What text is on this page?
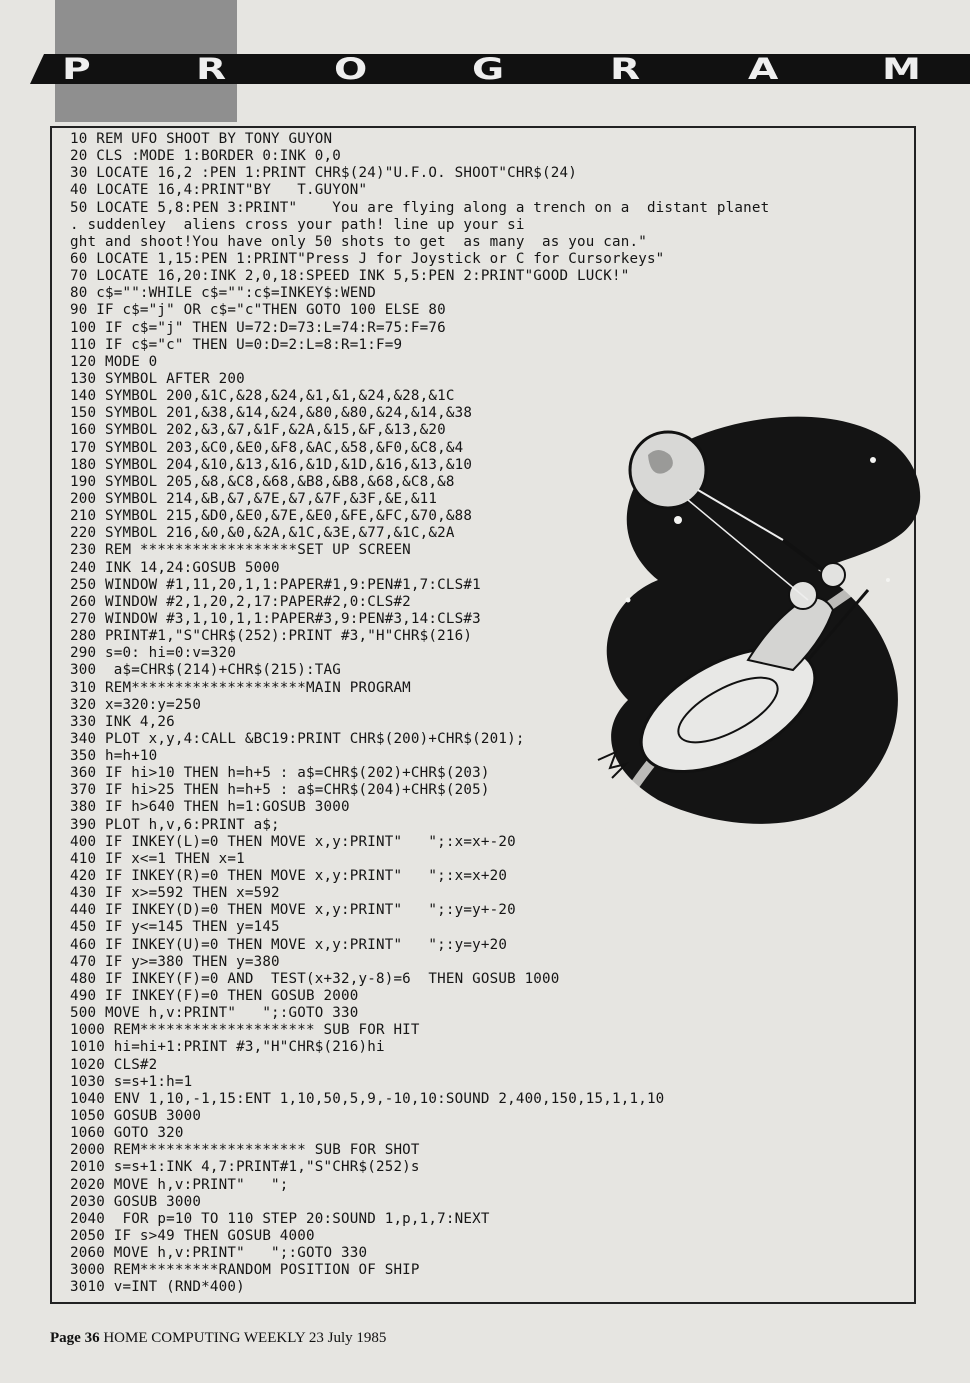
P	R	O	G	R	A	M
10 REM UFO SHOOT BY TONY GUYON
20 CLS :MODE 1:BORDER 0:INK 0,0
30 LOCATE 16,2 :PEN 1:PRINT CHR$(24)"U.F.O. SHOOT"CHR$(24)
40 LOCATE 16,4:PRINT"BY   T.GUYON"
50 LOCATE 5,8:PEN 3:PRINT"    You are flying along a trench on a  distant planet
. suddenley  aliens cross your path! line up your si
ght and shoot!You have only 50 shots to get  as many  as you can."
60 LOCATE 1,15:PEN 1:PRINT"Press J for Joystick or C for Cursorkeys"
70 LOCATE 16,20:INK 2,0,18:SPEED INK 5,5:PEN 2:PRINT"GOOD LUCK!"
80 c$="":WHILE c$="":c$=INKEY$:WEND
90 IF c$="j" OR c$="c"THEN GOTO 100 ELSE 80
100 IF c$="j" THEN U=72:D=73:L=74:R=75:F=76
110 IF c$="c" THEN U=0:D=2:L=8:R=1:F=9
120 MODE 0
130 SYMBOL AFTER 200
140 SYMBOL 200,&1C,&28,&24,&1,&1,&24,&28,&1C
150 SYMBOL 201,&38,&14,&24,&80,&80,&24,&14,&38
160 SYMBOL 202,&3,&7,&1F,&2A,&15,&F,&13,&20
170 SYMBOL 203,&C0,&E0,&F8,&AC,&58,&F0,&C8,&4
180 SYMBOL 204,&10,&13,&16,&1D,&1D,&16,&13,&10
190 SYMBOL 205,&8,&C8,&68,&B8,&B8,&68,&C8,&8
200 SYMBOL 214,&B,&7,&7E,&7,&7F,&3F,&E,&11
210 SYMBOL 215,&D0,&E0,&7E,&E0,&FE,&FC,&70,&88
220 SYMBOL 216,&0,&0,&2A,&1C,&3E,&77,&1C,&2A
230 REM ******************SET UP SCREEN
240 INK 14,24:GOSUB 5000
250 WINDOW #1,11,20,1,1:PAPER#1,9:PEN#1,7:CLS#1
260 WINDOW #2,1,20,2,17:PAPER#2,0:CLS#2
270 WINDOW #3,1,10,1,1:PAPER#3,9:PEN#3,14:CLS#3
280 PRINT#1,"S"CHR$(252):PRINT #3,"H"CHR$(216)
290 s=0: hi=0:v=320
300  a$=CHR$(214)+CHR$(215):TAG
310 REM********************MAIN PROGRAM
320 x=320:y=250
330 INK 4,26
340 PLOT x,y,4:CALL &BC19:PRINT CHR$(200)+CHR$(201);
350 h=h+10
360 IF hi>10 THEN h=h+5 : a$=CHR$(202)+CHR$(203)
370 IF hi>25 THEN h=h+5 : a$=CHR$(204)+CHR$(205)
380 IF h>640 THEN h=1:GOSUB 3000
390 PLOT h,v,6:PRINT a$;
400 IF INKEY(L)=0 THEN MOVE x,y:PRINT"   ";:x=x+-20
410 IF x<=1 THEN x=1
420 IF INKEY(R)=0 THEN MOVE x,y:PRINT"   ";:x=x+20
430 IF x>=592 THEN x=592
440 IF INKEY(D)=0 THEN MOVE x,y:PRINT"   ";:y=y+-20
450 IF y<=145 THEN y=145
460 IF INKEY(U)=0 THEN MOVE x,y:PRINT"   ";:y=y+20
470 IF y>=380 THEN y=380
480 IF INKEY(F)=0 AND  TEST(x+32,y-8)=6  THEN GOSUB 1000
490 IF INKEY(F)=0 THEN GOSUB 2000
500 MOVE h,v:PRINT"   ";:GOTO 330
1000 REM******************** SUB FOR HIT
1010 hi=hi+1:PRINT #3,"H"CHR$(216)hi
1020 CLS#2
1030 s=s+1:h=1
1040 ENV 1,10,-1,15:ENT 1,10,50,5,9,-10,10:SOUND 2,400,150,15,1,1,10
1050 GOSUB 3000
1060 GOTO 320
2000 REM******************* SUB FOR SHOT
2010 s=s+1:INK 4,7:PRINT#1,"S"CHR$(252)s
2020 MOVE h,v:PRINT"   ";
2030 GOSUB 3000
2040  FOR p=10 TO 110 STEP 20:SOUND 1,p,1,7:NEXT
2050 IF s>49 THEN GOSUB 4000
2060 MOVE h,v:PRINT"   ";:GOTO 330
3000 REM*********RANDOM POSITION OF SHIP
3010 v=INT (RND*400)
Page 36 HOME COMPUTING WEEKLY 23 July 1985
